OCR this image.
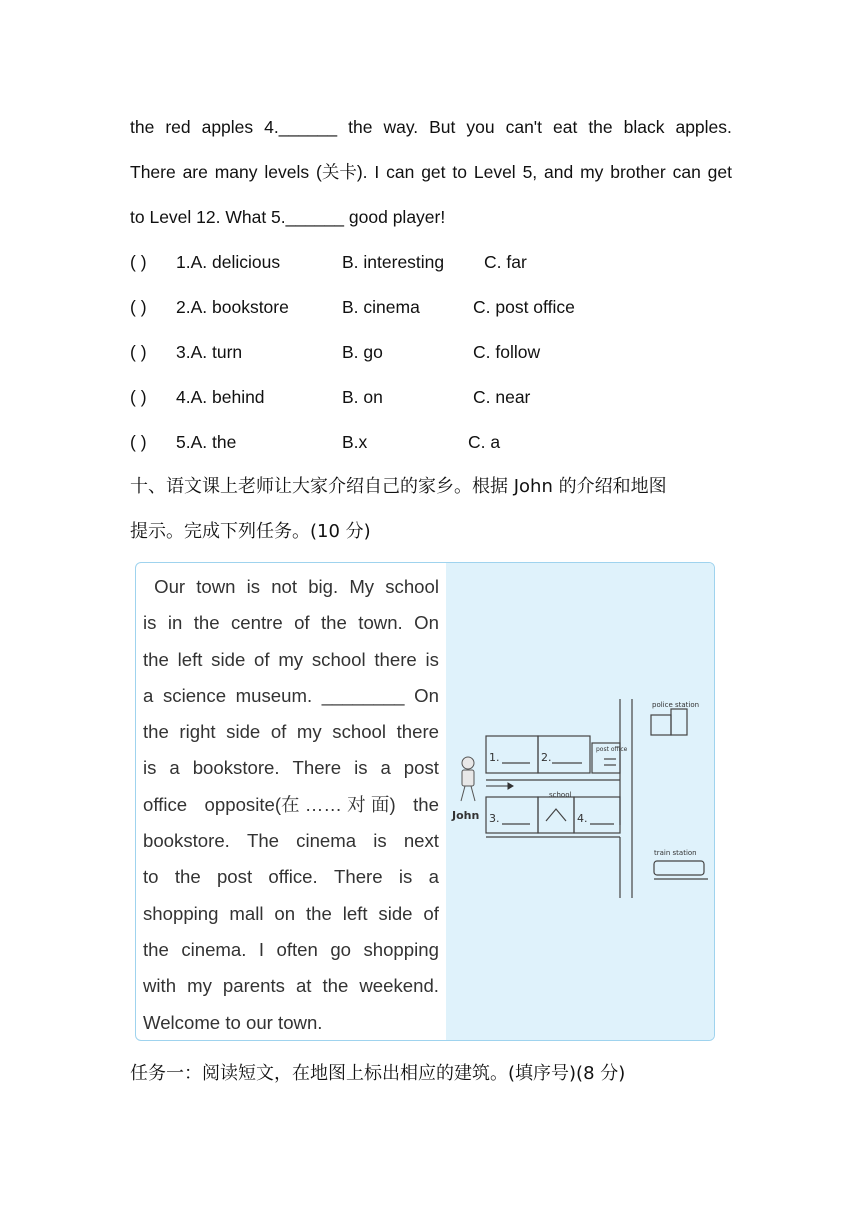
the red apples 4.______ the way. But you can't eat the black apples.
There are many levels (关卡). I can get to Level 5, and my brother can get
to Level 12. What 5.______ good player!
( ) 1.A. delicious	B. interesting C. far
( ) 2.A. bookstore	B. cinema	C. post office
( ) 3.A. turn	B. go	C. follow
( ) 4.A. behind	B. on	C. near
( ) 5.A. the	B.x	C. a
十、语文课上老师让大家介绍自己的家乡。根据 John 的介绍和地图
提示。完成下列任务。(10 分)
Our town is not big. My school
is in the centre of the town. On
the left side of my school there is
a science museum. ________ On
the right side of my school there
is a bookstore. There is a post
office opposite(在 …… 对 面) the
bookstore. The cinema is next
to the post office. There is a
shopping mall on the left side of
the cinema. I often go shopping
with my parents at the weekend.
Welcome to our town.
police station
train station
post office
school
John
1.	2.
3.	4.
任务一：阅读短文，在地图上标出相应的建筑。(填序号)(8 分)
